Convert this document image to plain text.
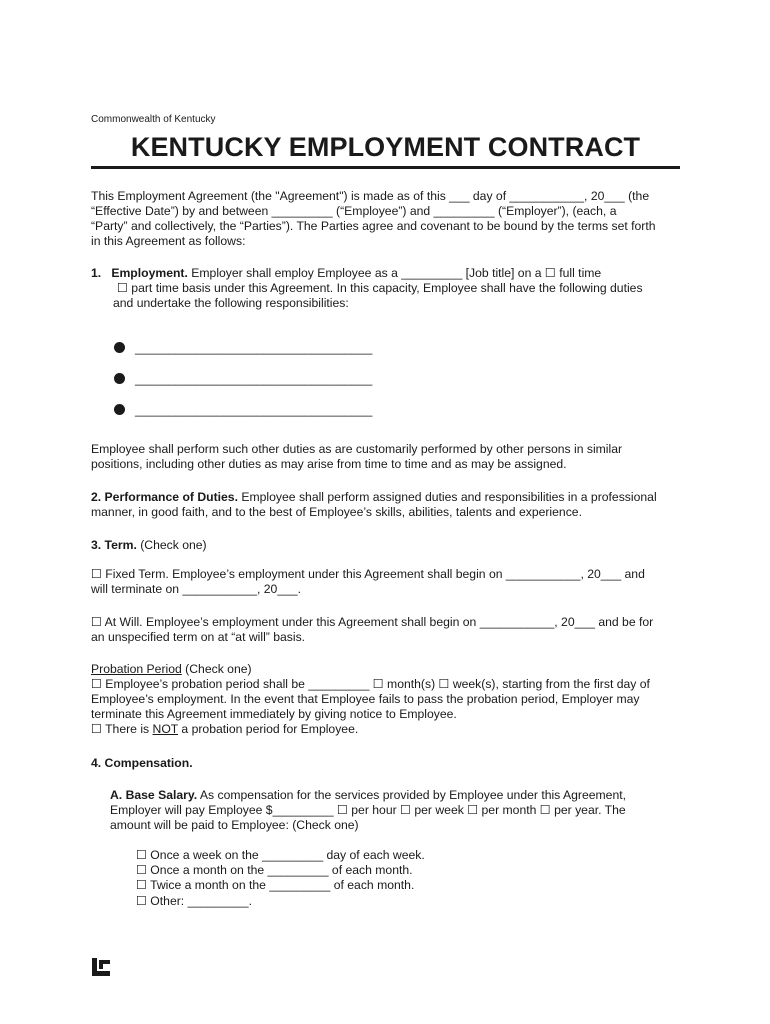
Commonwealth of Kentucky
KENTUCKY EMPLOYMENT CONTRACT

This Employment Agreement (the "Agreement") is made as of this ___ day of ___________, 20___ (the

“Effective Date”) by and between _________ (“Employee”) and _________ (“Employer”), (each, a

“Party” and collectively, the “Parties”). The Parties agree and covenant to be bound by the terms set forth

in this Agreement as follows:

1. Employment. Employer shall employ Employee as a _________ [Job title] on a ☐ full time

☐ part time basis under this Agreement. In this capacity, Employee shall have the following duties

and undertake the following responsibilities:

___________________________________
___________________________________
___________________________________

Employee shall perform such other duties as are customarily performed by other persons in similar

positions, including other duties as may arise from time to time and as may be assigned.

2. Performance of Duties. Employee shall perform assigned duties and responsibilities in a professional

manner, in good faith, and to the best of Employee’s skills, abilities, talents and experience.

3. Term. (Check one)

☐ Fixed Term. Employee’s employment under this Agreement shall begin on ___________, 20___ and

will terminate on ___________, 20___.

☐ At Will. Employee’s employment under this Agreement shall begin on ___________, 20___ and be for

an unspecified term on at “at will” basis.

Probation Period (Check one)

☐ Employee’s probation period shall be _________ ☐ month(s) ☐ week(s), starting from the first day of

Employee’s employment. In the event that Employee fails to pass the probation period, Employer may

terminate this Agreement immediately by giving notice to Employee.

☐ There is NOT a probation period for Employee.

4. Compensation.

A. Base Salary. As compensation for the services provided by Employee under this Agreement,

Employer will pay Employee $_________ ☐ per hour ☐ per week ☐ per month ☐ per year. The

amount will be paid to Employee: (Check one)

☐ Once a week on the _________ day of each week.

☐ Once a month on the _________ of each month.

☐ Twice a month on the _________ of each month.

☐ Other: _________.
